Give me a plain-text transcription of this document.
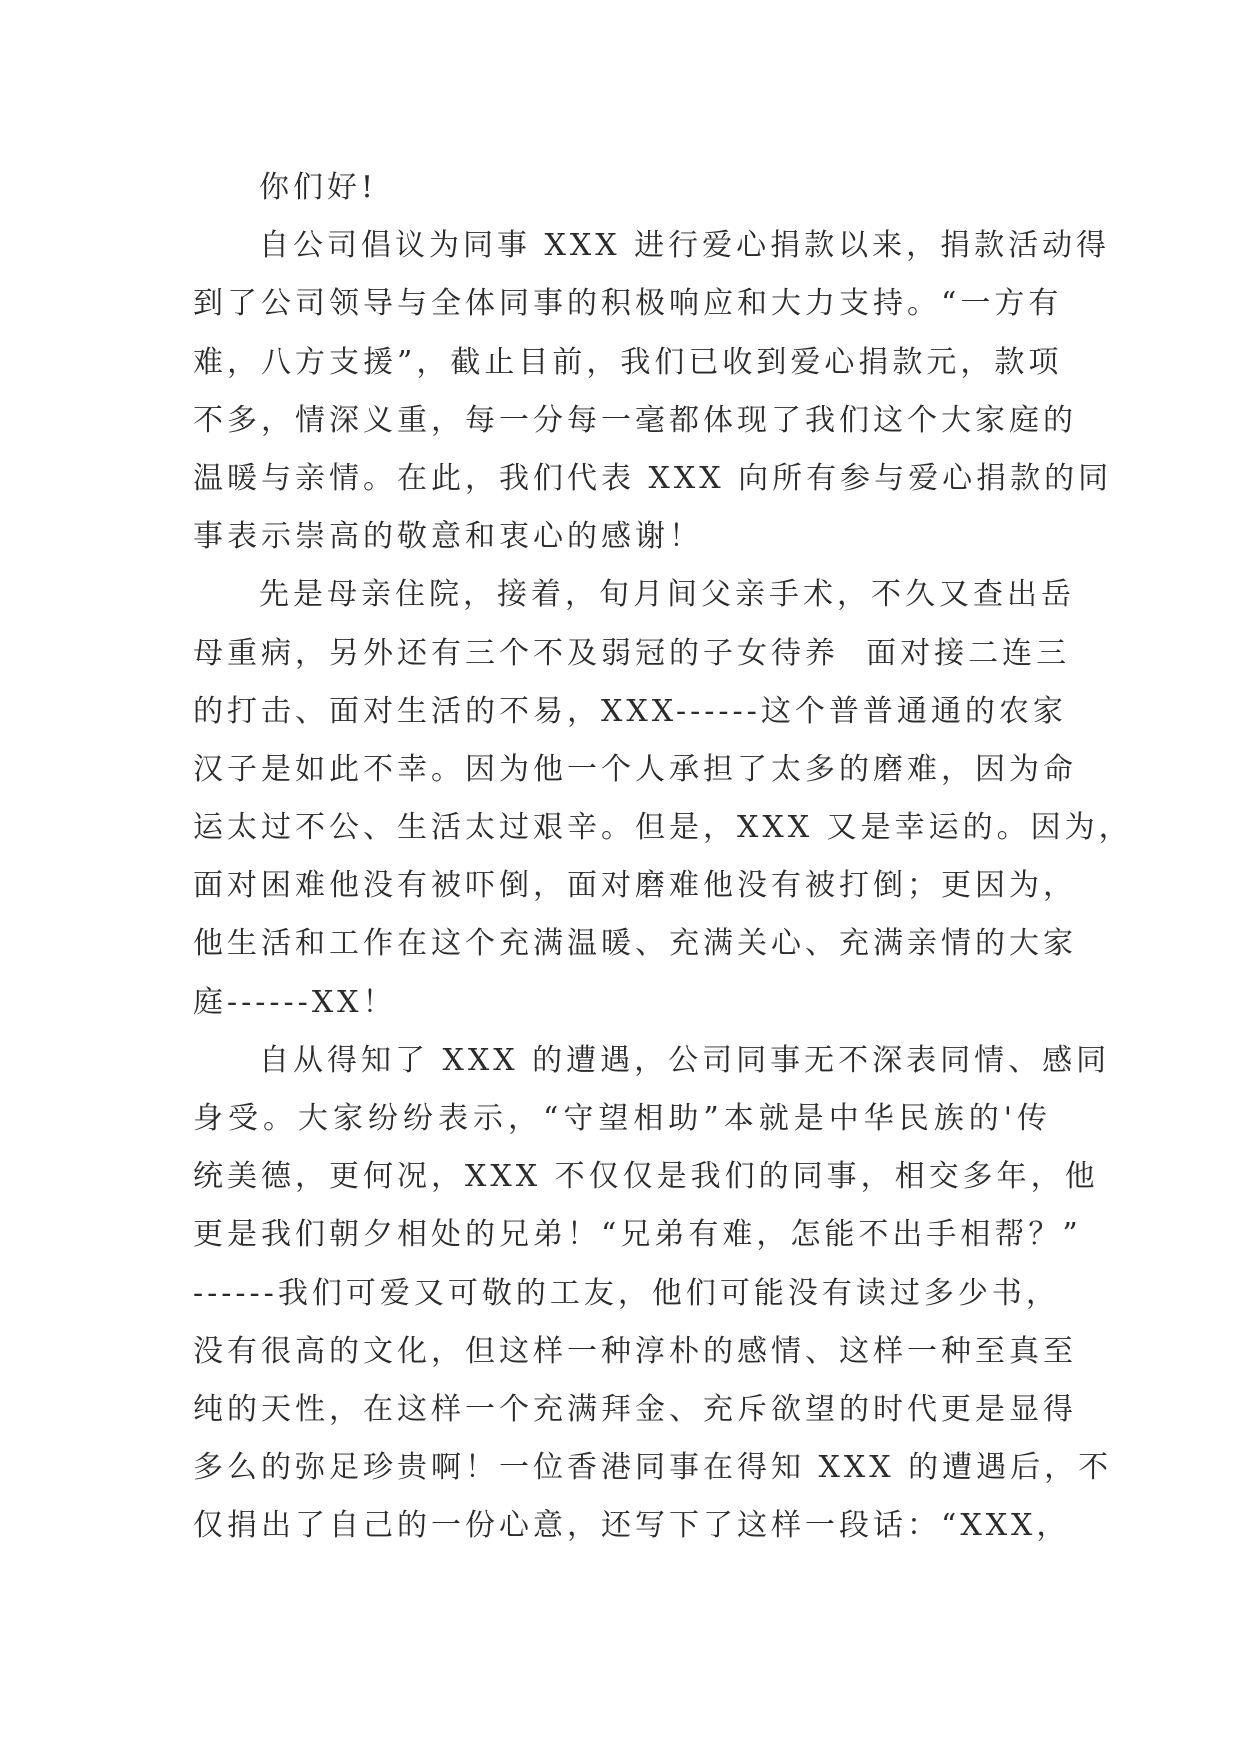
你们好!
自公司倡议为同事 XXX 进行爱心捐款以来，捐款活动得
到了公司领导与全体同事的积极响应和大力支持。“一方有
难，八方支援”，截止目前，我们已收到爱心捐款元，款项
不多，情深义重，每一分每一毫都体现了我们这个大家庭的
温暖与亲情。在此，我们代表 XXX 向所有参与爱心捐款的同
事表示崇高的敬意和衷心的感谢！
先是母亲住院，接着，旬月间父亲手术，不久又查出岳
母重病，另外还有三个不及弱冠的子女待养  面对接二连三
的打击、面对生活的不易，XXX------这个普普通通的农家
汉子是如此不幸。因为他一个人承担了太多的磨难，因为命
运太过不公、生活太过艰辛。但是，XXX 又是幸运的。因为，
面对困难他没有被吓倒，面对磨难他没有被打倒；更因为，
他生活和工作在这个充满温暖、充满关心、充满亲情的大家
庭------XX！
自从得知了 XXX 的遭遇，公司同事无不深表同情、感同
身受。大家纷纷表示，“守望相助”本就是中华民族的'传
统美德，更何况，XXX 不仅仅是我们的同事，相交多年，他
更是我们朝夕相处的兄弟！“兄弟有难，怎能不出手相帮？”
------我们可爱又可敬的工友，他们可能没有读过多少书，
没有很高的文化，但这样一种淳朴的感情、这样一种至真至
纯的天性，在这样一个充满拜金、充斥欲望的时代更是显得
多么的弥足珍贵啊！一位香港同事在得知 XXX 的遭遇后，不
仅捐出了自己的一份心意，还写下了这样一段话：“XXX，
